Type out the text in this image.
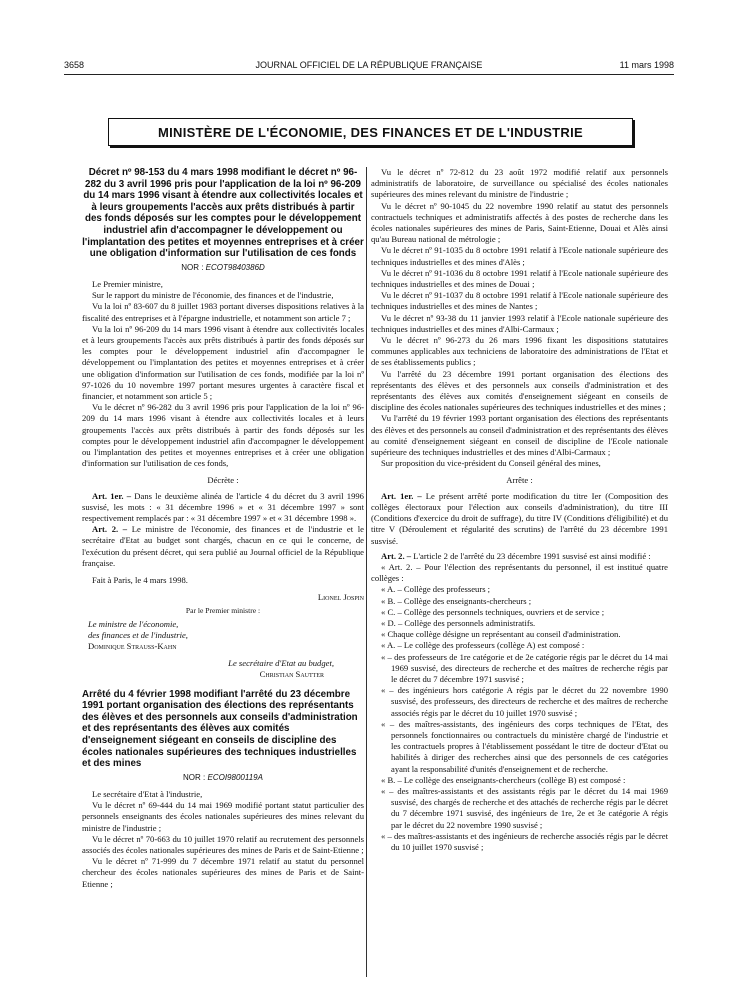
3658	JOURNAL OFFICIEL DE LA RÉPUBLIQUE FRANÇAISE	11 mars 1998
MINISTÈRE DE L'ÉCONOMIE, DES FINANCES ET DE L'INDUSTRIE
Décret nº 98-153 du 4 mars 1998 modifiant le décret nº 96-282 du 3 avril 1996 pris pour l'application de la loi nº 96-209 du 14 mars 1996 visant à étendre aux collectivités locales et à leurs groupements l'accès aux prêts distribués à partir des fonds déposés sur les comptes pour le développement industriel afin d'accompagner le développement ou l'implantation des petites et moyennes entreprises et à créer une obligation d'information sur l'utilisation de ces fonds
NOR : ECOT9840386D

Le Premier ministre,

Sur le rapport du ministre de l'économie, des finances et de l'industrie,

Vu la loi nº 83-607 du 8 juillet 1983 portant diverses dispositions relatives à la fiscalité des entreprises et à l'épargne industrielle, et notamment son article 7 ;

Vu la loi nº 96-209 du 14 mars 1996 visant à étendre aux collectivités locales et à leurs groupements l'accès aux prêts distribués à partir des fonds déposés sur les comptes pour le développement industriel afin d'accompagner le développement ou l'implantation des petites et moyennes entreprises et à créer une obligation d'information sur l'utilisation de ces fonds, modifiée par la loi nº 97-1026 du 10 novembre 1997 portant mesures urgentes à caractère fiscal et financier, et notamment son article 5 ;

Vu le décret nº 96-282 du 3 avril 1996 pris pour l'application de la loi nº 96-209 du 14 mars 1996 visant à étendre aux collectivités locales et à leurs groupements l'accès aux prêts distribués à partir des fonds déposés sur les comptes pour le développement industriel afin d'accompagner le développement ou l'implantation des petites et moyennes entreprises et à créer une obligation d'information sur l'utilisation de ces fonds,

Décrète :

Art. 1er. – Dans le deuxième alinéa de l'article 4 du décret du 3 avril 1996 susvisé, les mots : « 31 décembre 1996 » et « 31 décembre 1997 » sont respectivement remplacés par : « 31 décembre 1997 » et « 31 décembre 1998 ».

Art. 2. – Le ministre de l'économie, des finances et de l'industrie et le secrétaire d'Etat au budget sont chargés, chacun en ce qui le concerne, de l'exécution du présent décret, qui sera publié au Journal officiel de la République française.

Fait à Paris, le 4 mars 1998.

Lionel Jospin
Par le Premier ministre :
Le ministre de l'économie,
des finances et de l'industrie,
Dominique Strauss-Kahn
Le secrétaire d'Etat au budget,
Christian Sautter
Arrêté du 4 février 1998 modifiant l'arrêté du 23 décembre 1991 portant organisation des élections des représentants des élèves et des personnels aux conseils d'administration et des représentants des élèves aux comités d'enseignement siégeant en conseils de discipline des écoles nationales supérieures des techniques industrielles et des mines
NOR : ECOI9800119A

Le secrétaire d'Etat à l'industrie,

Vu le décret nº 69-444 du 14 mai 1969 modifié portant statut particulier des personnels enseignants des écoles nationales supérieures des mines relevant du ministre de l'industrie ;

Vu le décret nº 70-663 du 10 juillet 1970 relatif au recrutement des personnels associés des écoles nationales supérieures des mines de Paris et de Saint-Etienne ;

Vu le décret nº 71-999 du 7 décembre 1971 relatif au statut du personnel chercheur des écoles nationales supérieures des mines de Paris et de Saint-Etienne ;

Vu le décret nº 72-812 du 23 août 1972 modifié relatif aux personnels administratifs de laboratoire, de surveillance ou spécialisé des écoles nationales supérieures des mines relevant du ministre de l'industrie ;

Vu le décret nº 90-1045 du 22 novembre 1990 relatif au statut des personnels contractuels techniques et administratifs affectés à des postes de recherche dans les écoles nationales supérieures des mines de Paris, Saint-Etienne, Douai et Alès ainsi qu'au Bureau national de métrologie ;

Vu le décret nº 91-1035 du 8 octobre 1991 relatif à l'Ecole nationale supérieure des techniques industrielles et des mines d'Alès ;

Vu le décret nº 91-1036 du 8 octobre 1991 relatif à l'Ecole nationale supérieure des techniques industrielles et des mines de Douai ;

Vu le décret nº 91-1037 du 8 octobre 1991 relatif à l'Ecole nationale supérieure des techniques industrielles et des mines de Nantes ;

Vu le décret nº 93-38 du 11 janvier 1993 relatif à l'Ecole nationale supérieure des techniques industrielles et des mines d'Albi-Carmaux ;

Vu le décret nº 96-273 du 26 mars 1996 fixant les dispositions statutaires communes applicables aux techniciens de laboratoire des administrations de l'Etat et de ses établissements publics ;

Vu l'arrêté du 23 décembre 1991 portant organisation des élections des représentants des élèves et des personnels aux conseils d'administration et des représentants des élèves aux comités d'enseignement siégeant en conseils de discipline des écoles nationales supérieures des techniques industrielles et des mines ;

Vu l'arrêté du 19 février 1993 portant organisation des élections des représentants des élèves et des personnels au conseil d'administration et des représentants des élèves au comité d'enseignement siégeant en conseil de discipline de l'Ecole nationale supérieure des techniques industrielles et des mines d'Albi-Carmaux ;

Sur proposition du vice-président du Conseil général des mines,

Arrête :

Art. 1er. – Le présent arrêté porte modification du titre Ier (Composition des collèges électoraux pour l'élection aux conseils d'administration), du titre III (Conditions d'exercice du droit de suffrage), du titre IV (Conditions d'éligibilité) et du titre V (Déroulement et régularité des scrutins) de l'arrêté du 23 décembre 1991 susvisé.

Art. 2. – L'article 2 de l'arrêté du 23 décembre 1991 susvisé est ainsi modifié :

« Art. 2. – Pour l'élection des représentants du personnel, il est institué quatre collèges :

« A. – Collège des professeurs ;

« B. – Collège des enseignants-chercheurs ;

« C. – Collège des personnels techniques, ouvriers et de service ;

« D. – Collège des personnels administratifs.

« Chaque collège désigne un représentant au conseil d'administration.

« A. – Le collège des professeurs (collège A) est composé :

« – des professeurs de 1re catégorie et de 2e catégorie régis par le décret du 14 mai 1969 susvisé, des directeurs de recherche et des maîtres de recherche régis par le décret du 7 décembre 1971 susvisé ;

« – des ingénieurs hors catégorie A régis par le décret du 22 novembre 1990 susvisé, des professeurs, des directeurs de recherche et des maîtres de recherche associés régis par le décret du 10 juillet 1970 susvisé ;

« – des maîtres-assistants, des ingénieurs des corps techniques de l'Etat, des personnels fonctionnaires ou contractuels du ministère chargé de l'industrie et les contractuels propres à l'établissement possédant le titre de docteur d'Etat ou habilités à diriger des recherches ainsi que des personnels de ces catégories ayant la responsabilité d'unités d'enseignement et de recherche.

« B. – Le collège des enseignants-chercheurs (collège B) est composé :

« – des maîtres-assistants et des assistants régis par le décret du 14 mai 1969 susvisé, des chargés de recherche et des attachés de recherche régis par le décret du 7 décembre 1971 susvisé, des ingénieurs de 1re, 2e et 3e catégorie A régis par le décret du 22 novembre 1990 susvisé ;

« – des maîtres-assistants et des ingénieurs de recherche associés régis par le décret du 10 juillet 1970 susvisé ;
